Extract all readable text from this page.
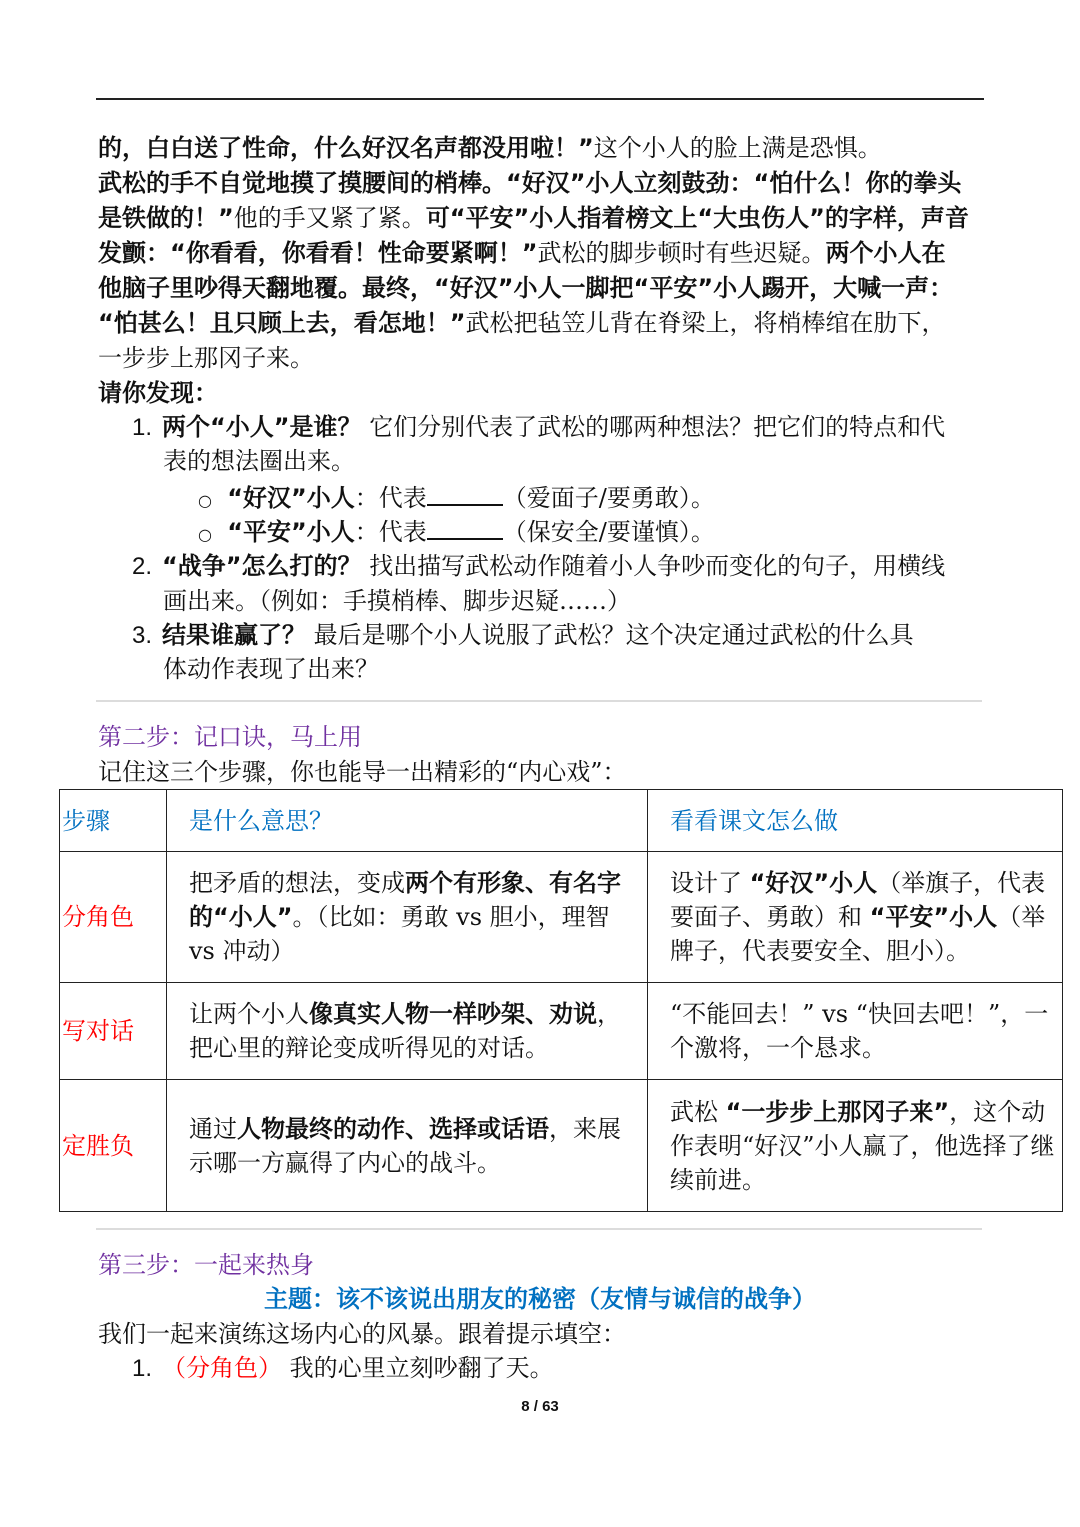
的，白白送了性命，什么好汉名声都没用啦！”这个小人的脸上满是恐惧。
武松的手不自觉地摸了摸腰间的梢棒。“好汉”小人立刻鼓劲：“怕什么！你的拳头
是铁做的！”他的手又紧了紧。可“平安”小人指着榜文上“大虫伤人”的字样，声音
发颤：“你看看，你看看！性命要紧啊！”武松的脚步顿时有些迟疑。两个小人在
他脑子里吵得天翻地覆。最终，“好汉”小人一脚把“平安”小人踢开，大喊一声：
“怕甚么！且只顾上去，看怎地！”武松把毡笠儿背在脊梁上，将梢棒绾在肋下，
一步步上那冈子来。
请你发现：
1. 两个“小人”是谁？ 它们分别代表了武松的哪两种想法？把它们的特点和代
表的想法圈出来。
○ “好汉”小人：代表	（爱面子/要勇敢）。
○ “平安”小人：代表	（保安全/要谨慎）。
2. “战争”怎么打的？ 找出描写武松动作随着小人争吵而变化的句子，用横线
画出来。（例如：手摸梢棒、脚步迟疑……）
3. 结果谁赢了？ 最后是哪个小人说服了武松？这个决定通过武松的什么具
体动作表现了出来？
第二步：记口诀，马上用
记住这三个步骤，你也能导一出精彩的“内心戏”：
步骤	是什么意思？	看看课文怎么做
分角色	把矛盾的想法，变成两个有形象、有名字的“小人”。（比如：勇敢 vs 胆小，理智 vs 冲动）	设计了 “好汉”小人（举旗子，代表要面子、勇敢）和 “平安”小人（举牌子，代表要安全、胆小）。

写对话	让两个小人像真实人物一样吵架、劝说，把心里的辩论变成听得见的对话。	“不能回去！” vs “快回去吧！”，一个激将，一个恳求。

定胜负	通过人物最终的动作、选择或话语，来展示哪一方赢得了内心的战斗。	武松 “一步步上那冈子来”，这个动作表明“好汉”小人赢了，他选择了继续前进。
第三步：一起来热身
主题：该不该说出朋友的秘密（友情与诚信的战争）
我们一起来演练这场内心的风暴。跟着提示填空：
1. （分角色） 我的心里立刻吵翻了天。
8 / 63
